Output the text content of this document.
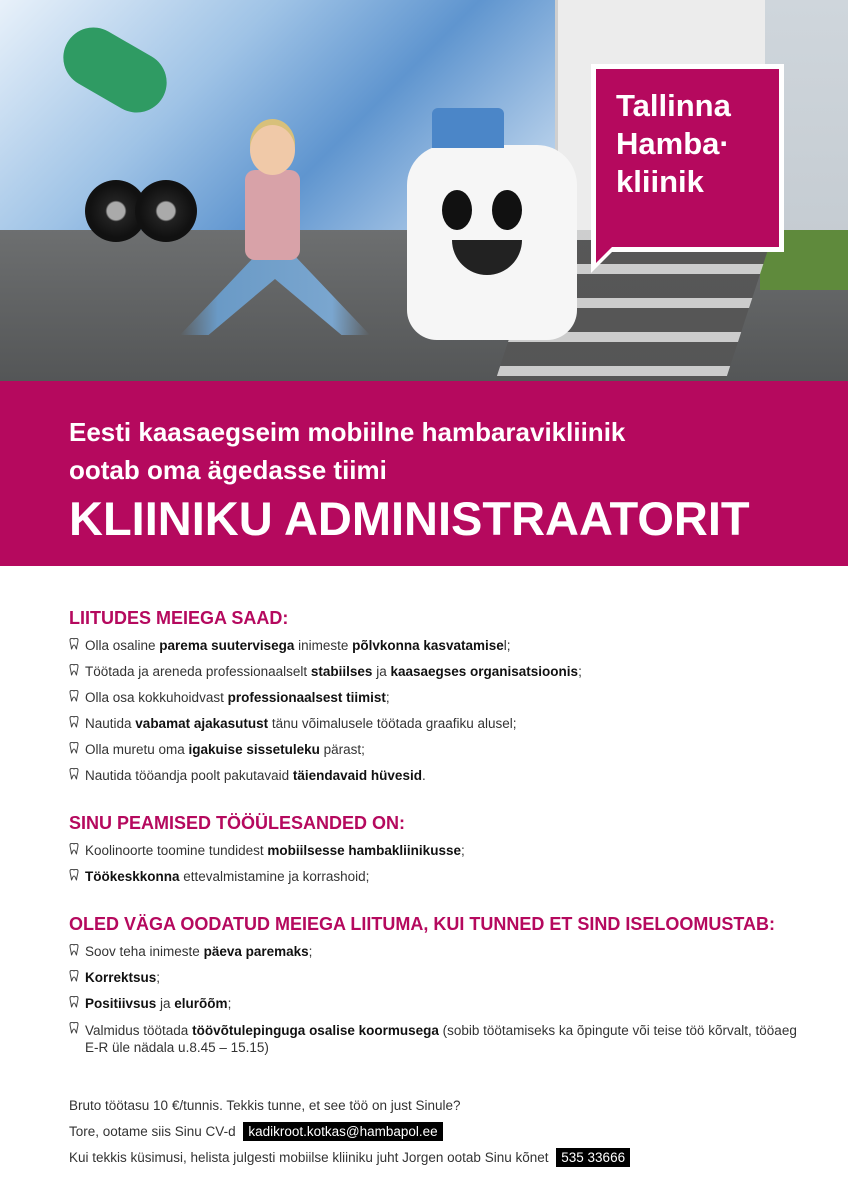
Tallinna
Hamba·
kliinik
Eesti kaasaegseim mobiilne hambaravikliinik
ootab oma ägedasse tiimi
KLIINIKU ADMINISTRAATORIT
LIITUDES MEIEGA SAAD:
Olla osaline parema suutervisega inimeste põlvkonna kasvatamisel;
Töötada ja areneda professionaalselt stabiilses ja kaasaegses organisatsioonis;
Olla osa kokkuhoidvast professionaalsest tiimist;
Nautida vabamat ajakasutust tänu võimalusele töötada graafiku alusel;
Olla muretu oma igakuise sissetuleku pärast;
Nautida tööandja poolt pakutavaid täiendavaid hüvesid.
SINU PEAMISED TÖÖÜLESANDED ON:
Koolinoorte toomine tundidest mobiilsesse hambakliinikusse;
Töökeskkonna ettevalmistamine ja korrashoid;
OLED VÄGA OODATUD MEIEGA LIITUMA, KUI TUNNED ET SIND ISELOOMUSTAB:
Soov teha inimeste päeva paremaks;
Korrektsus;
Positiivsus ja elurõõm;
Valmidus töötada töövõtulepinguga osalise koormusega (sobib töötamiseks ka õpingute või teise töö kõrvalt, tööaeg E-R üle nädala u.8.45 – 15.15)
Bruto töötasu 10 €/tunnis. Tekkis tunne, et see töö on just Sinule?
Tore, ootame siis Sinu CV-d kadikroot.kotkas@hambapol.ee
Kui tekkis küsimusi, helista julgesti mobiilse kliiniku juht Jorgen ootab Sinu kõnet 535 33666
